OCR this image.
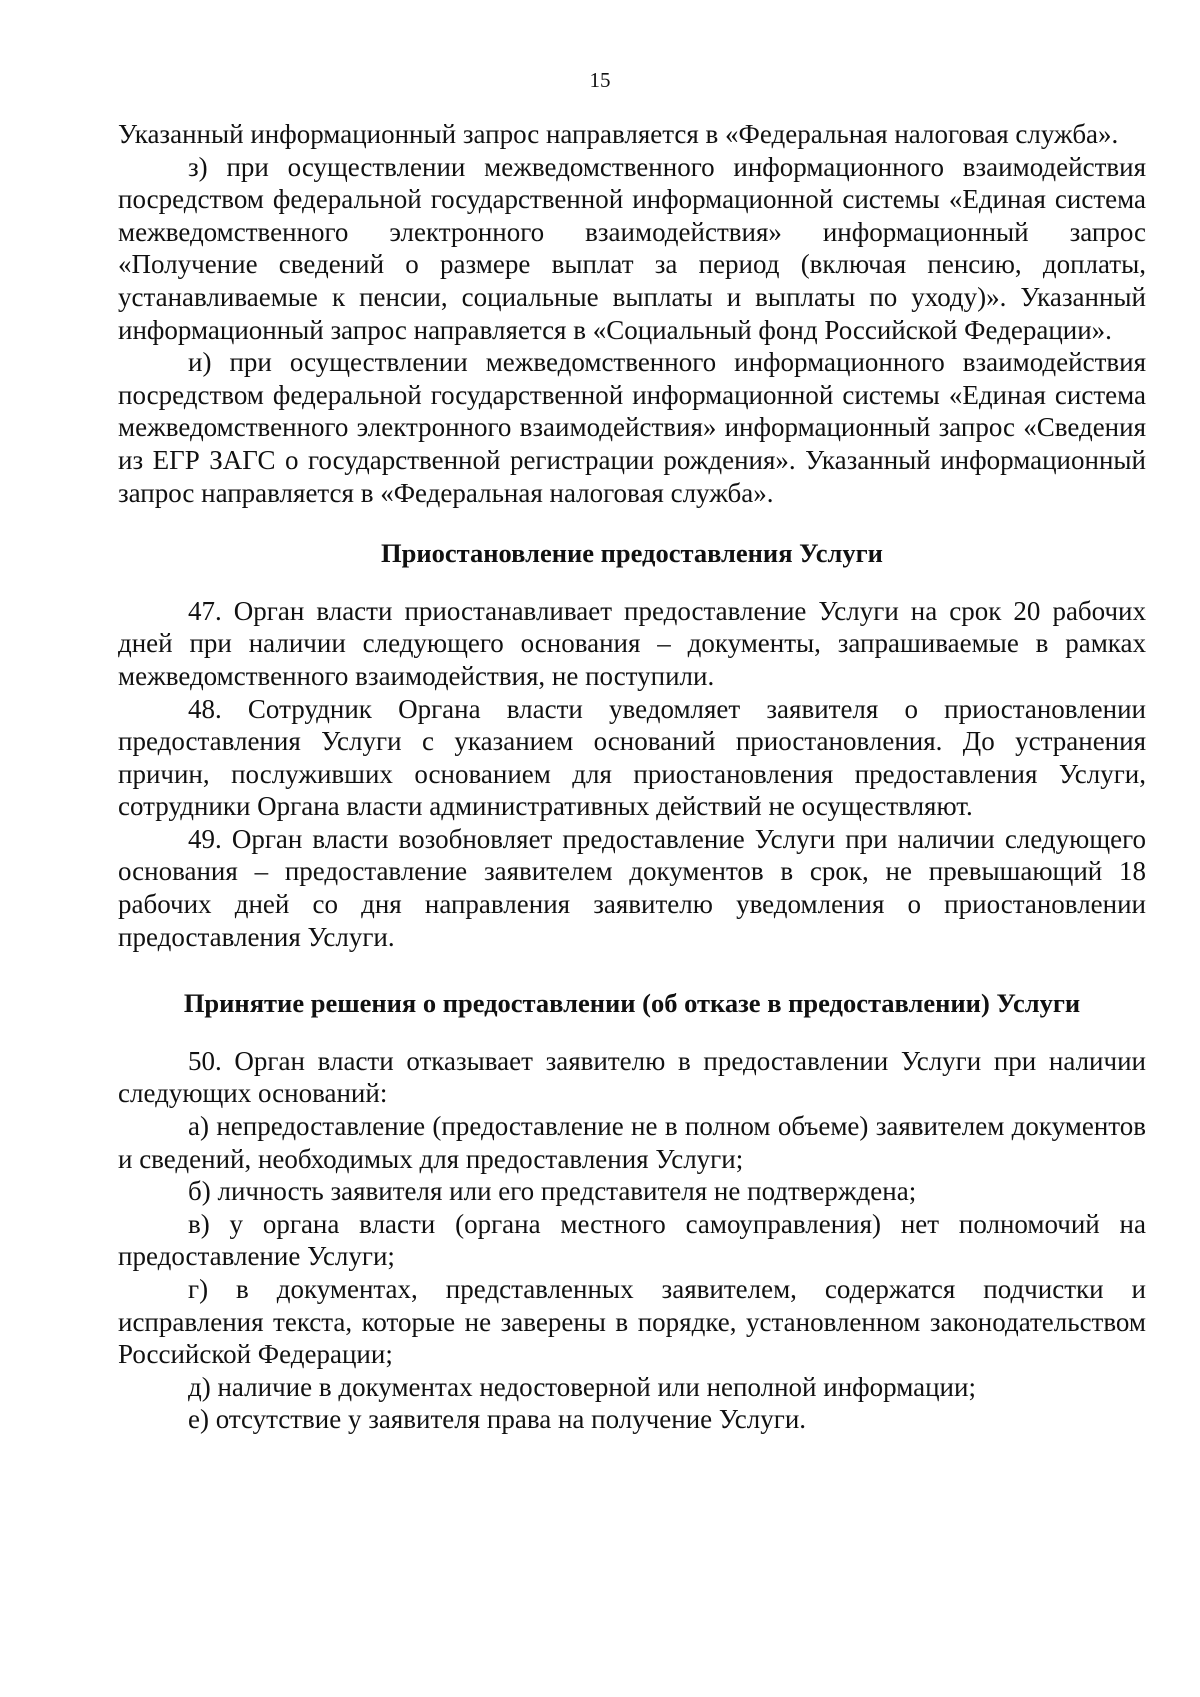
15

Указанный информационный запрос направляется в «Федеральная налоговая служба».

з) при осуществлении межведомственного информационного взаимодействия посредством федеральной государственной информационной системы «Единая система межведомственного электронного взаимодействия» информационный запрос «Получение сведений о размере выплат за период (включая пенсию, доплаты, устанавливаемые к пенсии, социальные выплаты и выплаты по уходу)». Указанный информационный запрос направляется в «Социальный фонд Российской Федерации».

и) при осуществлении межведомственного информационного взаимодействия посредством федеральной государственной информационной системы «Единая система межведомственного электронного взаимодействия» информационный запрос «Сведения из ЕГР ЗАГС о государственной регистрации рождения». Указанный информационный запрос направляется в «Федеральная налоговая служба».

Приостановление предоставления Услуги

47. Орган власти приостанавливает предоставление Услуги на срок 20 рабочих дней при наличии следующего основания – документы, запрашиваемые в рамках межведомственного взаимодействия, не поступили.

48. Сотрудник Органа власти уведомляет заявителя о приостановлении предоставления Услуги с указанием оснований приостановления. До устранения причин, послуживших основанием для приостановления предоставления Услуги, сотрудники Органа власти административных действий не осуществляют.

49. Орган власти возобновляет предоставление Услуги при наличии следующего основания – предоставление заявителем документов в срок, не превышающий 18 рабочих дней со дня направления заявителю уведомления о приостановлении предоставления Услуги.

Принятие решения о предоставлении (об отказе в предоставлении) Услуги

50. Орган власти отказывает заявителю в предоставлении Услуги при наличии следующих оснований:

а) непредоставление (предоставление не в полном объеме) заявителем документов и сведений, необходимых для предоставления Услуги;

б) личность заявителя или его представителя не подтверждена;

в) у органа власти (органа местного самоуправления) нет полномочий на предоставление Услуги;

г) в документах, представленных заявителем, содержатся подчистки и исправления текста, которые не заверены в порядке, установленном законодательством Российской Федерации;

д) наличие в документах недостоверной или неполной информации;

е) отсутствие у заявителя права на получение Услуги.
